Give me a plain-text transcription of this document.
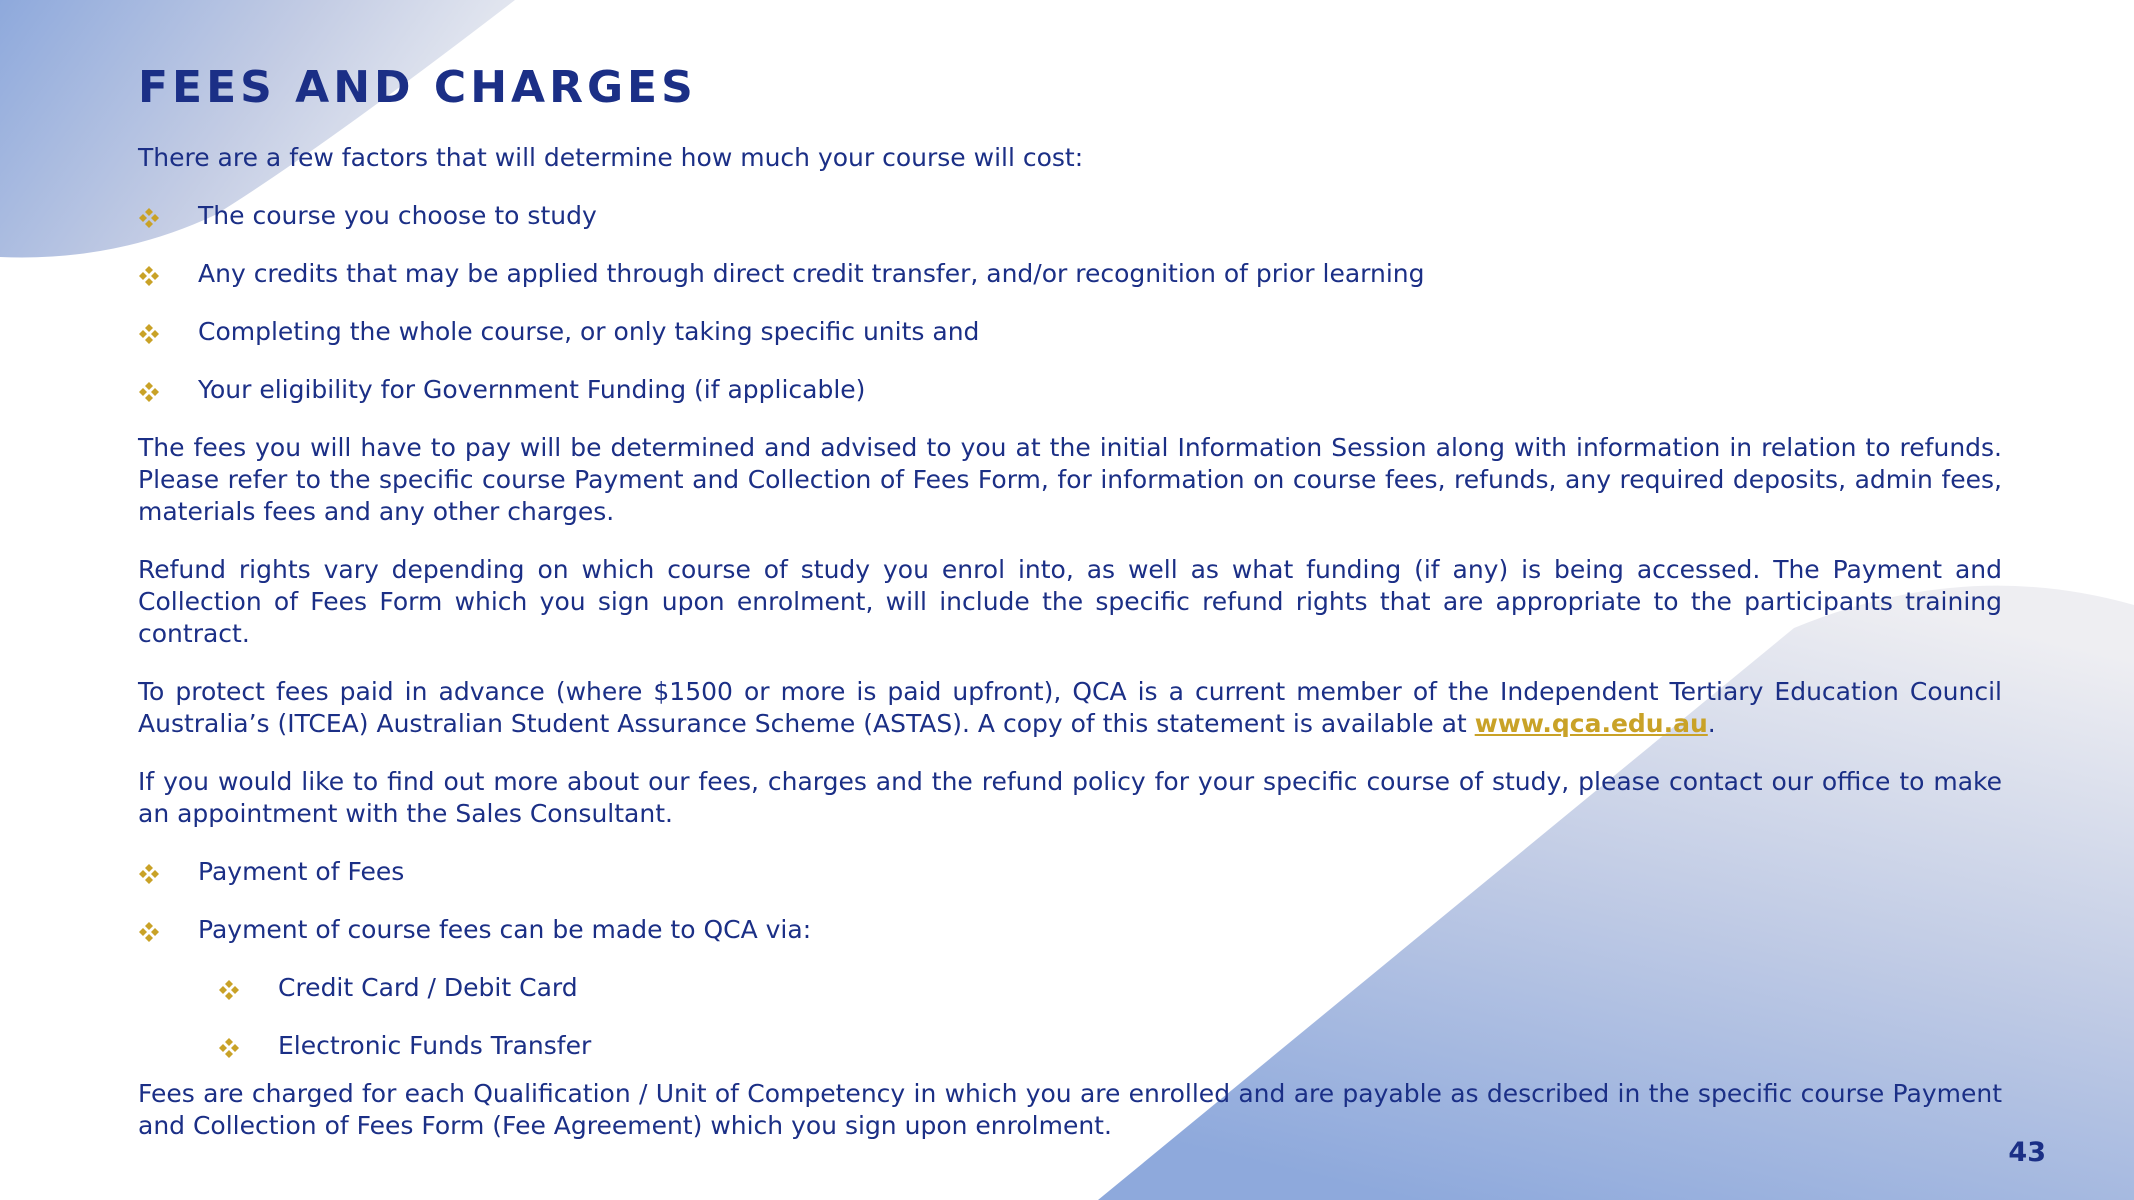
FEES AND CHARGES

There are a few factors that will determine how much your course will cost:

The course you choose to study
Any credits that may be applied through direct credit transfer, and/or recognition of prior learning
Completing the whole course, or only taking specific units and
Your eligibility for Government Funding (if applicable)

The fees you will have to pay will be determined and advised to you at the initial Information Session along with information in relation to refunds. Please refer to the specific course Payment and Collection of Fees Form, for information on course fees, refunds, any required deposits, admin fees, materials fees and any other charges.

Refund rights vary depending on which course of study you enrol into, as well as what funding (if any) is being accessed. The Payment and Collection of Fees Form which you sign upon enrolment, will include the specific refund rights that are appropriate to the participants training contract.

To protect fees paid in advance (where $1500 or more is paid upfront), QCA is a current member of the Independent Tertiary Education Council Australia’s (ITCEA) Australian Student Assurance Scheme (ASTAS). A copy of this statement is available at www.qca.edu.au.

If you would like to find out more about our fees, charges and the refund policy for your specific course of study, please contact our office to make an appointment with the Sales Consultant.

Payment of Fees
Payment of course fees can be made to QCA via:
Credit Card / Debit Card
Electronic Funds Transfer

Fees are charged for each Qualification / Unit of Competency in which you are enrolled and are payable as described in the specific course Payment and Collection of Fees Form (Fee Agreement) which you sign upon enrolment.

43
